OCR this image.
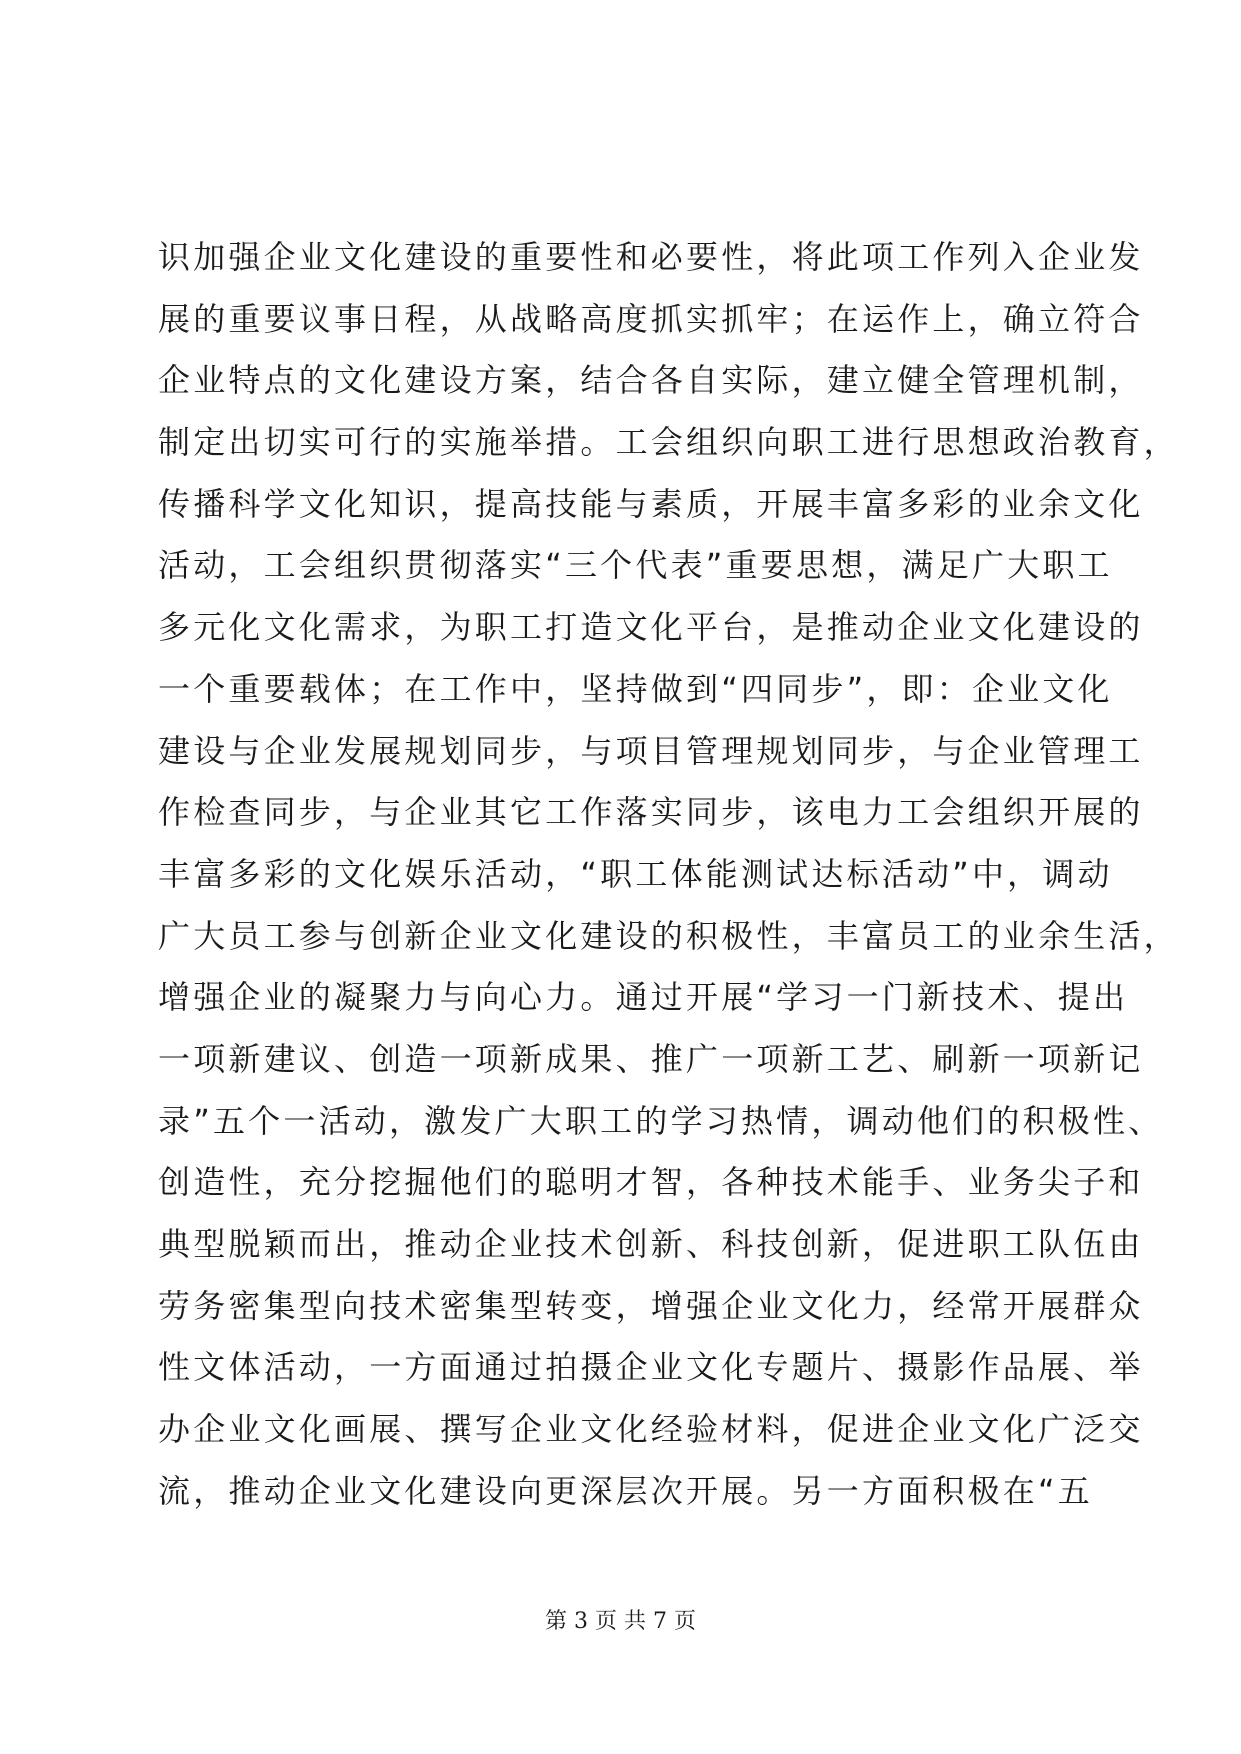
识加强企业文化建设的重要性和必要性，将此项工作列入企业发
展的重要议事日程，从战略高度抓实抓牢；在运作上，确立符合
企业特点的文化建设方案，结合各自实际，建立健全管理机制，
制定出切实可行的实施举措。工会组织向职工进行思想政治教育，
传播科学文化知识，提高技能与素质，开展丰富多彩的业余文化
活动，工会组织贯彻落实“三个代表”重要思想，满足广大职工
多元化文化需求，为职工打造文化平台，是推动企业文化建设的
一个重要载体；在工作中，坚持做到“四同步”，即：企业文化
建设与企业发展规划同步，与项目管理规划同步，与企业管理工
作检查同步，与企业其它工作落实同步，该电力工会组织开展的
丰富多彩的文化娱乐活动，“职工体能测试达标活动”中，调动
广大员工参与创新企业文化建设的积极性，丰富员工的业余生活，
增强企业的凝聚力与向心力。通过开展“学习一门新技术、提出
一项新建议、创造一项新成果、推广一项新工艺、刷新一项新记
录”五个一活动，激发广大职工的学习热情，调动他们的积极性、
创造性，充分挖掘他们的聪明才智，各种技术能手、业务尖子和
典型脱颖而出，推动企业技术创新、科技创新，促进职工队伍由
劳务密集型向技术密集型转变，增强企业文化力，经常开展群众
性文体活动，一方面通过拍摄企业文化专题片、摄影作品展、举
办企业文化画展、撰写企业文化经验材料，促进企业文化广泛交
流，推动企业文化建设向更深层次开展。另一方面积极在“五
第 3 页 共 7 页
